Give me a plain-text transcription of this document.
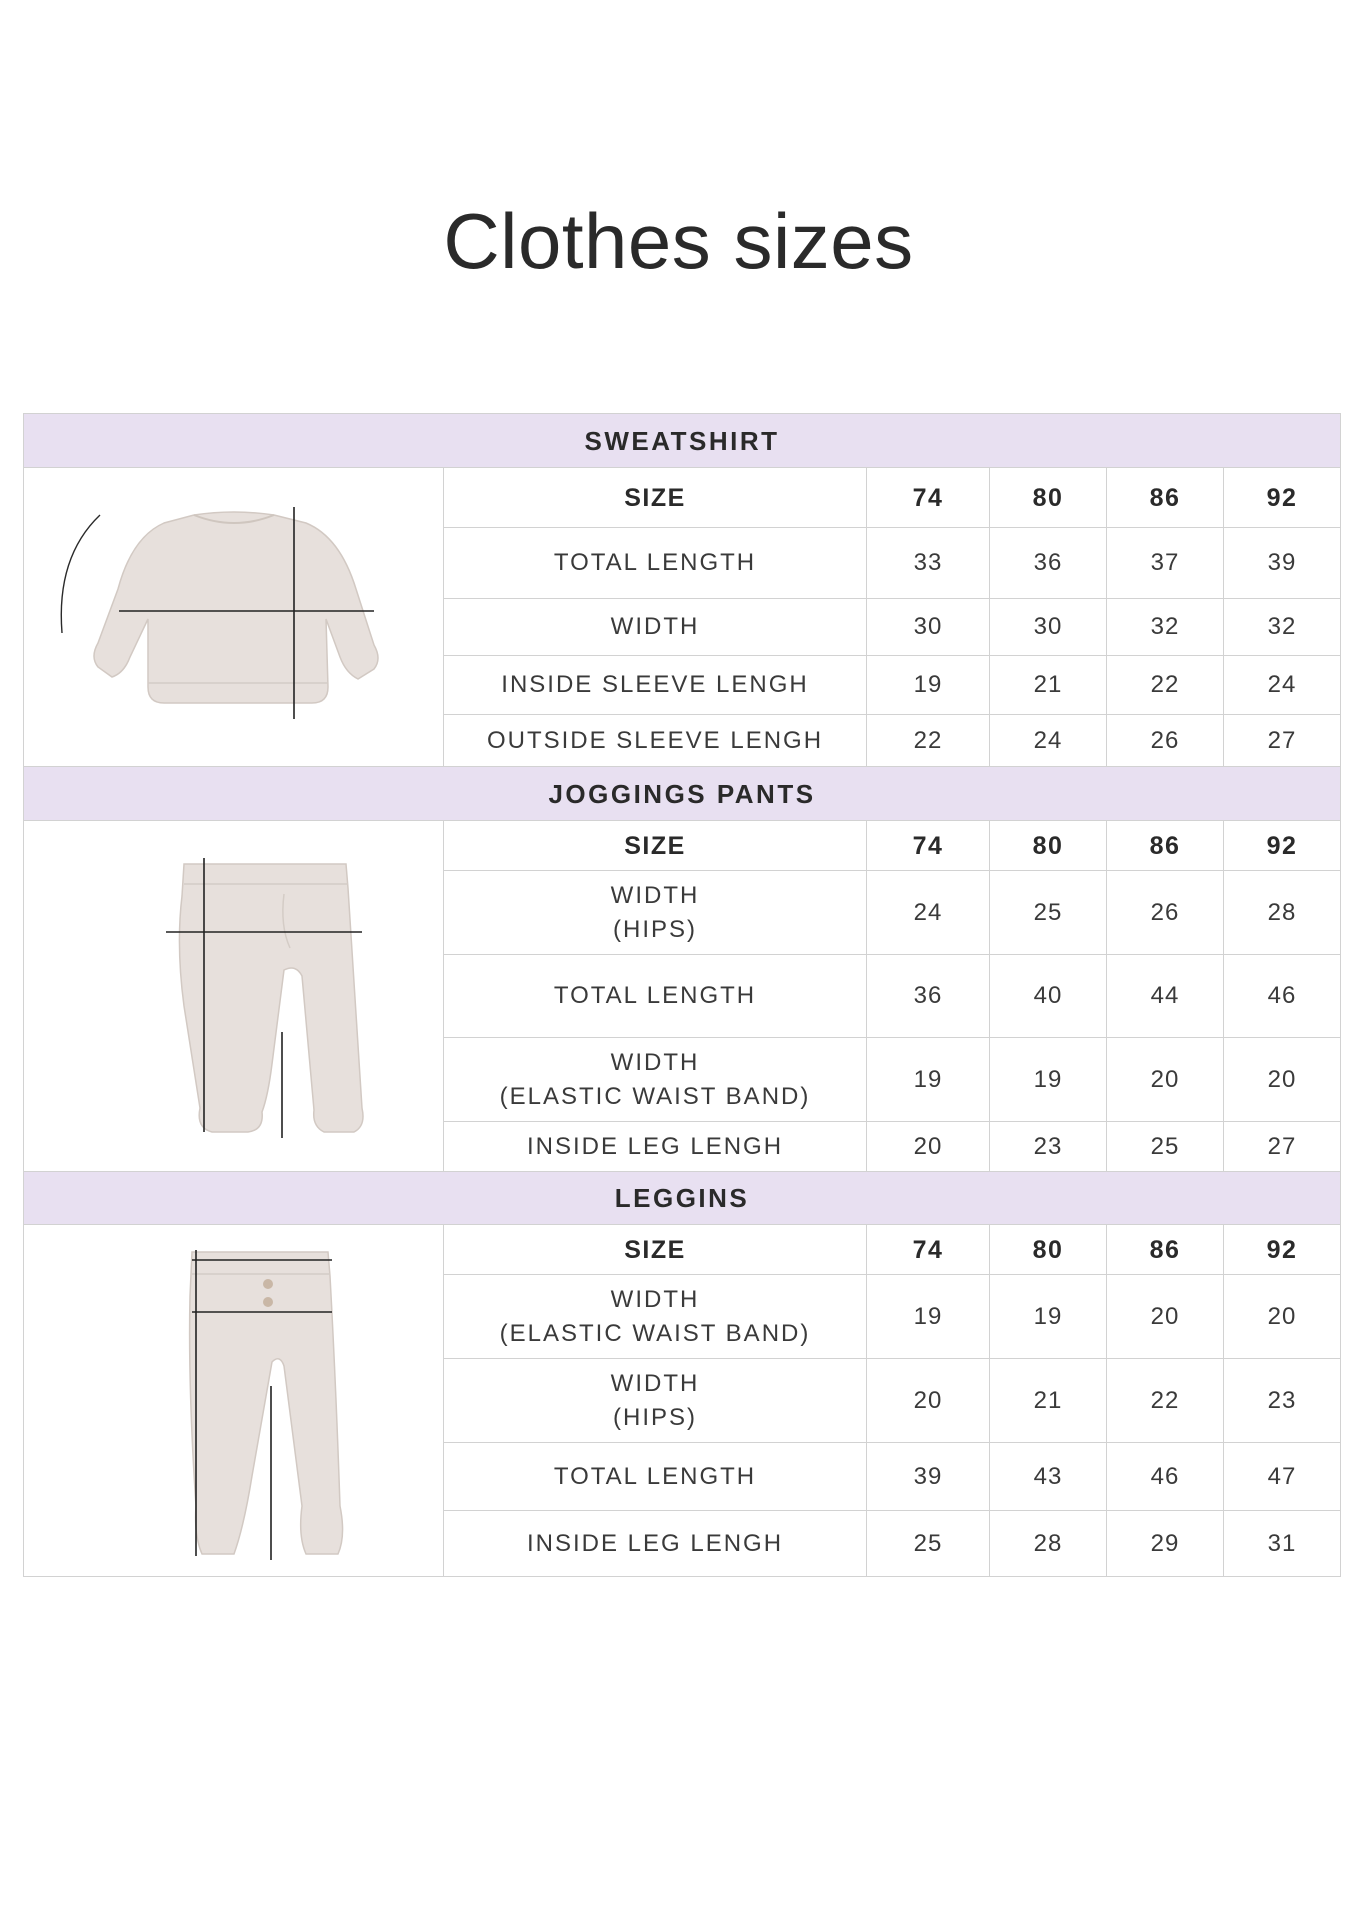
Clothes sizes
SWEATSHIRT					

	SIZE	74	80	86	92
	TOTAL LENGTH	33	36	37	39
	WIDTH	30	30	32	32
	INSIDE SLEEVE LENGH	19	21	22	24
	OUTSIDE SLEEVE LENGH	22	24	26	27
JOGGINGS PANTS					

	SIZE	74	80	86	92

	WIDTH
(HIPS)	24	25	26	28
	TOTAL LENGTH	36	40	44	46

	WIDTH
(ELASTIC WAIST BAND)	19	19	20	20
	INSIDE LEG LENGH	20	23	25	27
LEGGINS					

	SIZE	74	80	86	92

	WIDTH
(ELASTIC WAIST BAND)	19	19	20	20

	WIDTH
(HIPS)	20	21	22	23
	TOTAL LENGTH	39	43	46	47
	INSIDE LEG LENGH	25	28	29	31
